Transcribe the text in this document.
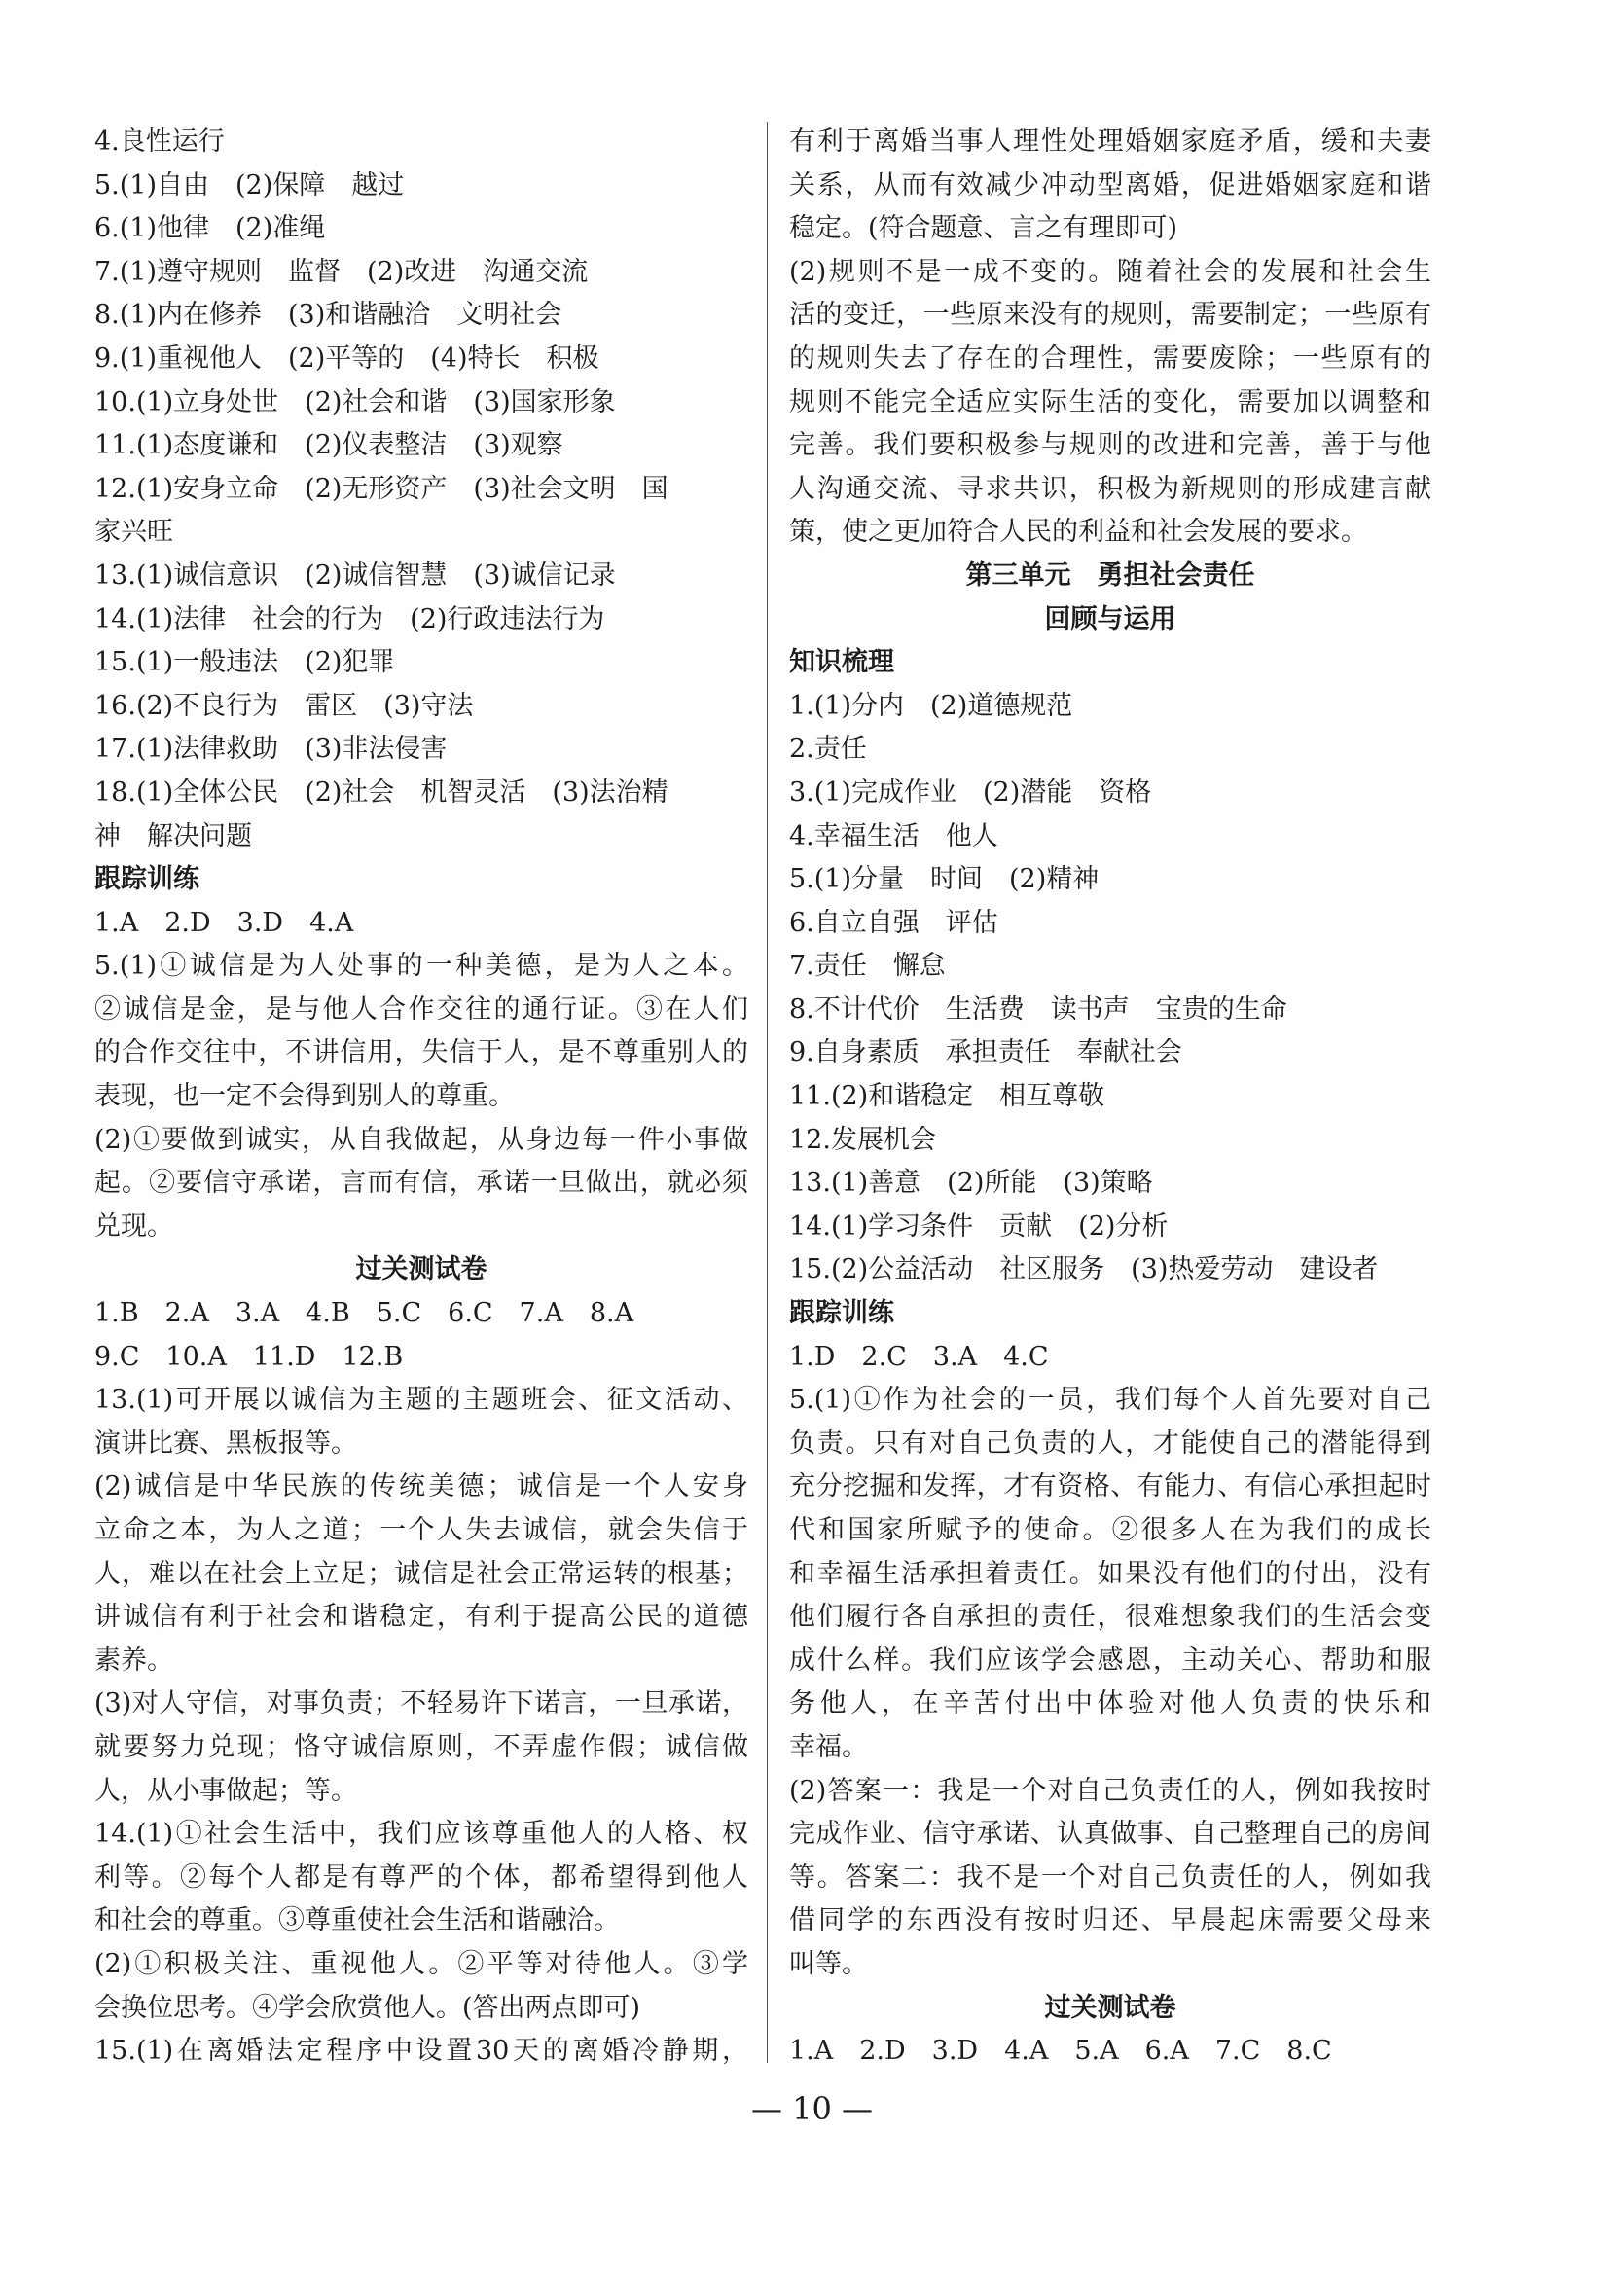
4.良性运行
5.(1)自由　(2)保障　越过
6.(1)他律　(2)准绳
7.(1)遵守规则　监督　(2)改进　沟通交流
8.(1)内在修养　(3)和谐融洽　文明社会
9.(1)重视他人　(2)平等的　(4)特长　积极
10.(1)立身处世　(2)社会和谐　(3)国家形象
11.(1)态度谦和　(2)仪表整洁　(3)观察
12.(1)安身立命　(2)无形资产　(3)社会文明　国
家兴旺
13.(1)诚信意识　(2)诚信智慧　(3)诚信记录
14.(1)法律　社会的行为　(2)行政违法行为
15.(1)一般违法　(2)犯罪
16.(2)不良行为　雷区　(3)守法
17.(1)法律救助　(3)非法侵害
18.(1)全体公民　(2)社会　机智灵活　(3)法治精
神　解决问题
跟踪训练
1.A　2.D　3.D　4.A
5.(1)①诚信是为人处事的一种美德，是为人之本。
②诚信是金，是与他人合作交往的通行证。③在人们
的合作交往中，不讲信用，失信于人，是不尊重别人的
表现，也一定不会得到别人的尊重。
(2)①要做到诚实，从自我做起，从身边每一件小事做
起。②要信守承诺，言而有信，承诺一旦做出，就必须
兑现。
过关测试卷
1.B　2.A　3.A　4.B　5.C　6.C　7.A　8.A
9.C　10.A　11.D　12.B
13.(1)可开展以诚信为主题的主题班会、征文活动、
演讲比赛、黑板报等。
(2)诚信是中华民族的传统美德；诚信是一个人安身
立命之本，为人之道；一个人失去诚信，就会失信于
人，难以在社会上立足；诚信是社会正常运转的根基；
讲诚信有利于社会和谐稳定，有利于提高公民的道德
素养。
(3)对人守信，对事负责；不轻易许下诺言，一旦承诺，
就要努力兑现；恪守诚信原则，不弄虚作假；诚信做
人，从小事做起；等。
14.(1)①社会生活中，我们应该尊重他人的人格、权
利等。②每个人都是有尊严的个体，都希望得到他人
和社会的尊重。③尊重使社会生活和谐融洽。
(2)①积极关注、重视他人。②平等对待他人。③学
会换位思考。④学会欣赏他人。(答出两点即可)
15.(1)在离婚法定程序中设置30天的离婚冷静期，
有利于离婚当事人理性处理婚姻家庭矛盾，缓和夫妻
关系，从而有效减少冲动型离婚，促进婚姻家庭和谐
稳定。(符合题意、言之有理即可)
(2)规则不是一成不变的。随着社会的发展和社会生
活的变迁，一些原来没有的规则，需要制定；一些原有
的规则失去了存在的合理性，需要废除；一些原有的
规则不能完全适应实际生活的变化，需要加以调整和
完善。我们要积极参与规则的改进和完善，善于与他
人沟通交流、寻求共识，积极为新规则的形成建言献
策，使之更加符合人民的利益和社会发展的要求。
第三单元　勇担社会责任
回顾与运用
知识梳理
1.(1)分内　(2)道德规范
2.责任
3.(1)完成作业　(2)潜能　资格
4.幸福生活　他人
5.(1)分量　时间　(2)精神
6.自立自强　评估
7.责任　懈怠
8.不计代价　生活费　读书声　宝贵的生命
9.自身素质　承担责任　奉献社会
11.(2)和谐稳定　相互尊敬
12.发展机会
13.(1)善意　(2)所能　(3)策略
14.(1)学习条件　贡献　(2)分析
15.(2)公益活动　社区服务　(3)热爱劳动　建设者
跟踪训练
1.D　2.C　3.A　4.C
5.(1)①作为社会的一员，我们每个人首先要对自己
负责。只有对自己负责的人，才能使自己的潜能得到
充分挖掘和发挥，才有资格、有能力、有信心承担起时
代和国家所赋予的使命。②很多人在为我们的成长
和幸福生活承担着责任。如果没有他们的付出，没有
他们履行各自承担的责任，很难想象我们的生活会变
成什么样。我们应该学会感恩，主动关心、帮助和服
务他人，在辛苦付出中体验对他人负责的快乐和
幸福。
(2)答案一：我是一个对自己负责任的人，例如我按时
完成作业、信守承诺、认真做事、自己整理自己的房间
等。答案二：我不是一个对自己负责任的人，例如我
借同学的东西没有按时归还、早晨起床需要父母来
叫等。
过关测试卷
1.A　2.D　3.D　4.A　5.A　6.A　7.C　8.C
— 10 —
